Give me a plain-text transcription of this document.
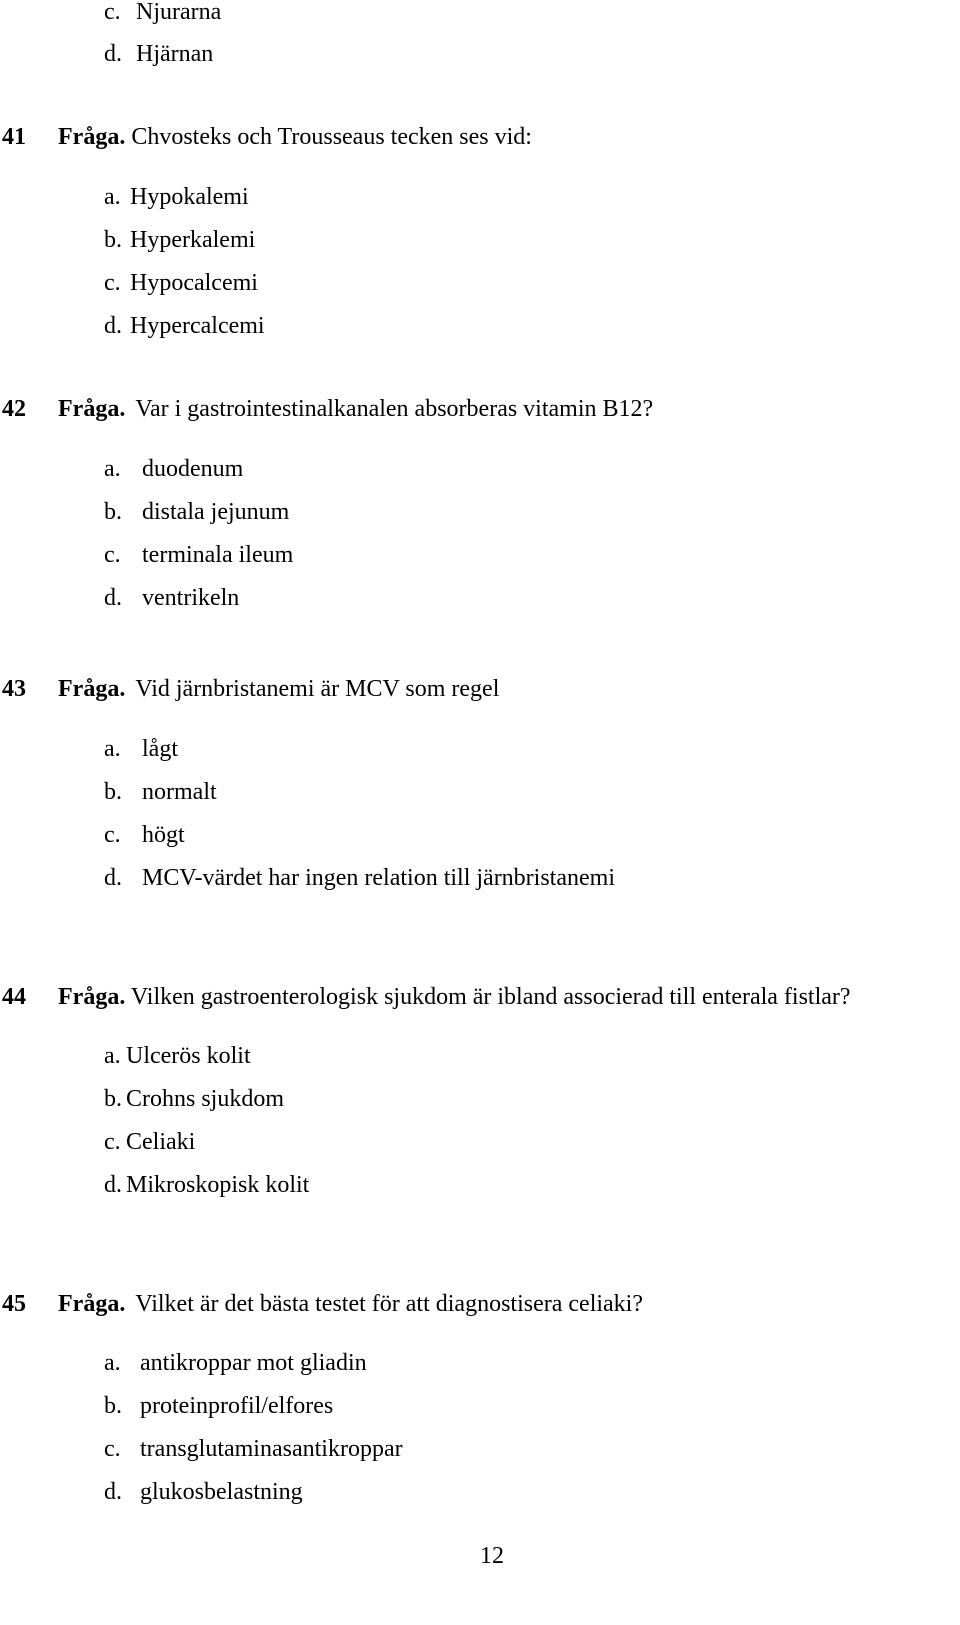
c. Njurarna
d. Hjärnan
41 Fråga. Chvosteks och Trousseaus tecken ses vid:
a. Hypokalemi
b. Hyperkalemi
c. Hypocalcemi
d. Hypercalcemi
42 Fråga. Var i gastrointestinalkanalen absorberas vitamin B12?
a. duodenum
b. distala jejunum
c. terminala ileum
d. ventrikeln
43 Fråga. Vid järnbristanemi är MCV som regel
a. lågt
b. normalt
c. högt
d. MCV-värdet har ingen relation till järnbristanemi
44 Fråga. Vilken gastroenterologisk sjukdom är ibland associerad till enterala fistlar?
a. Ulcerös kolit
b. Crohns sjukdom
c. Celiaki
d. Mikroskopisk kolit
45 Fråga. Vilket är det bästa testet för att diagnostisera celiaki?
a. antikroppar mot gliadin
b. proteinprofil/elfores
c. transglutaminasantikroppar
d. glukosbelastning
12
